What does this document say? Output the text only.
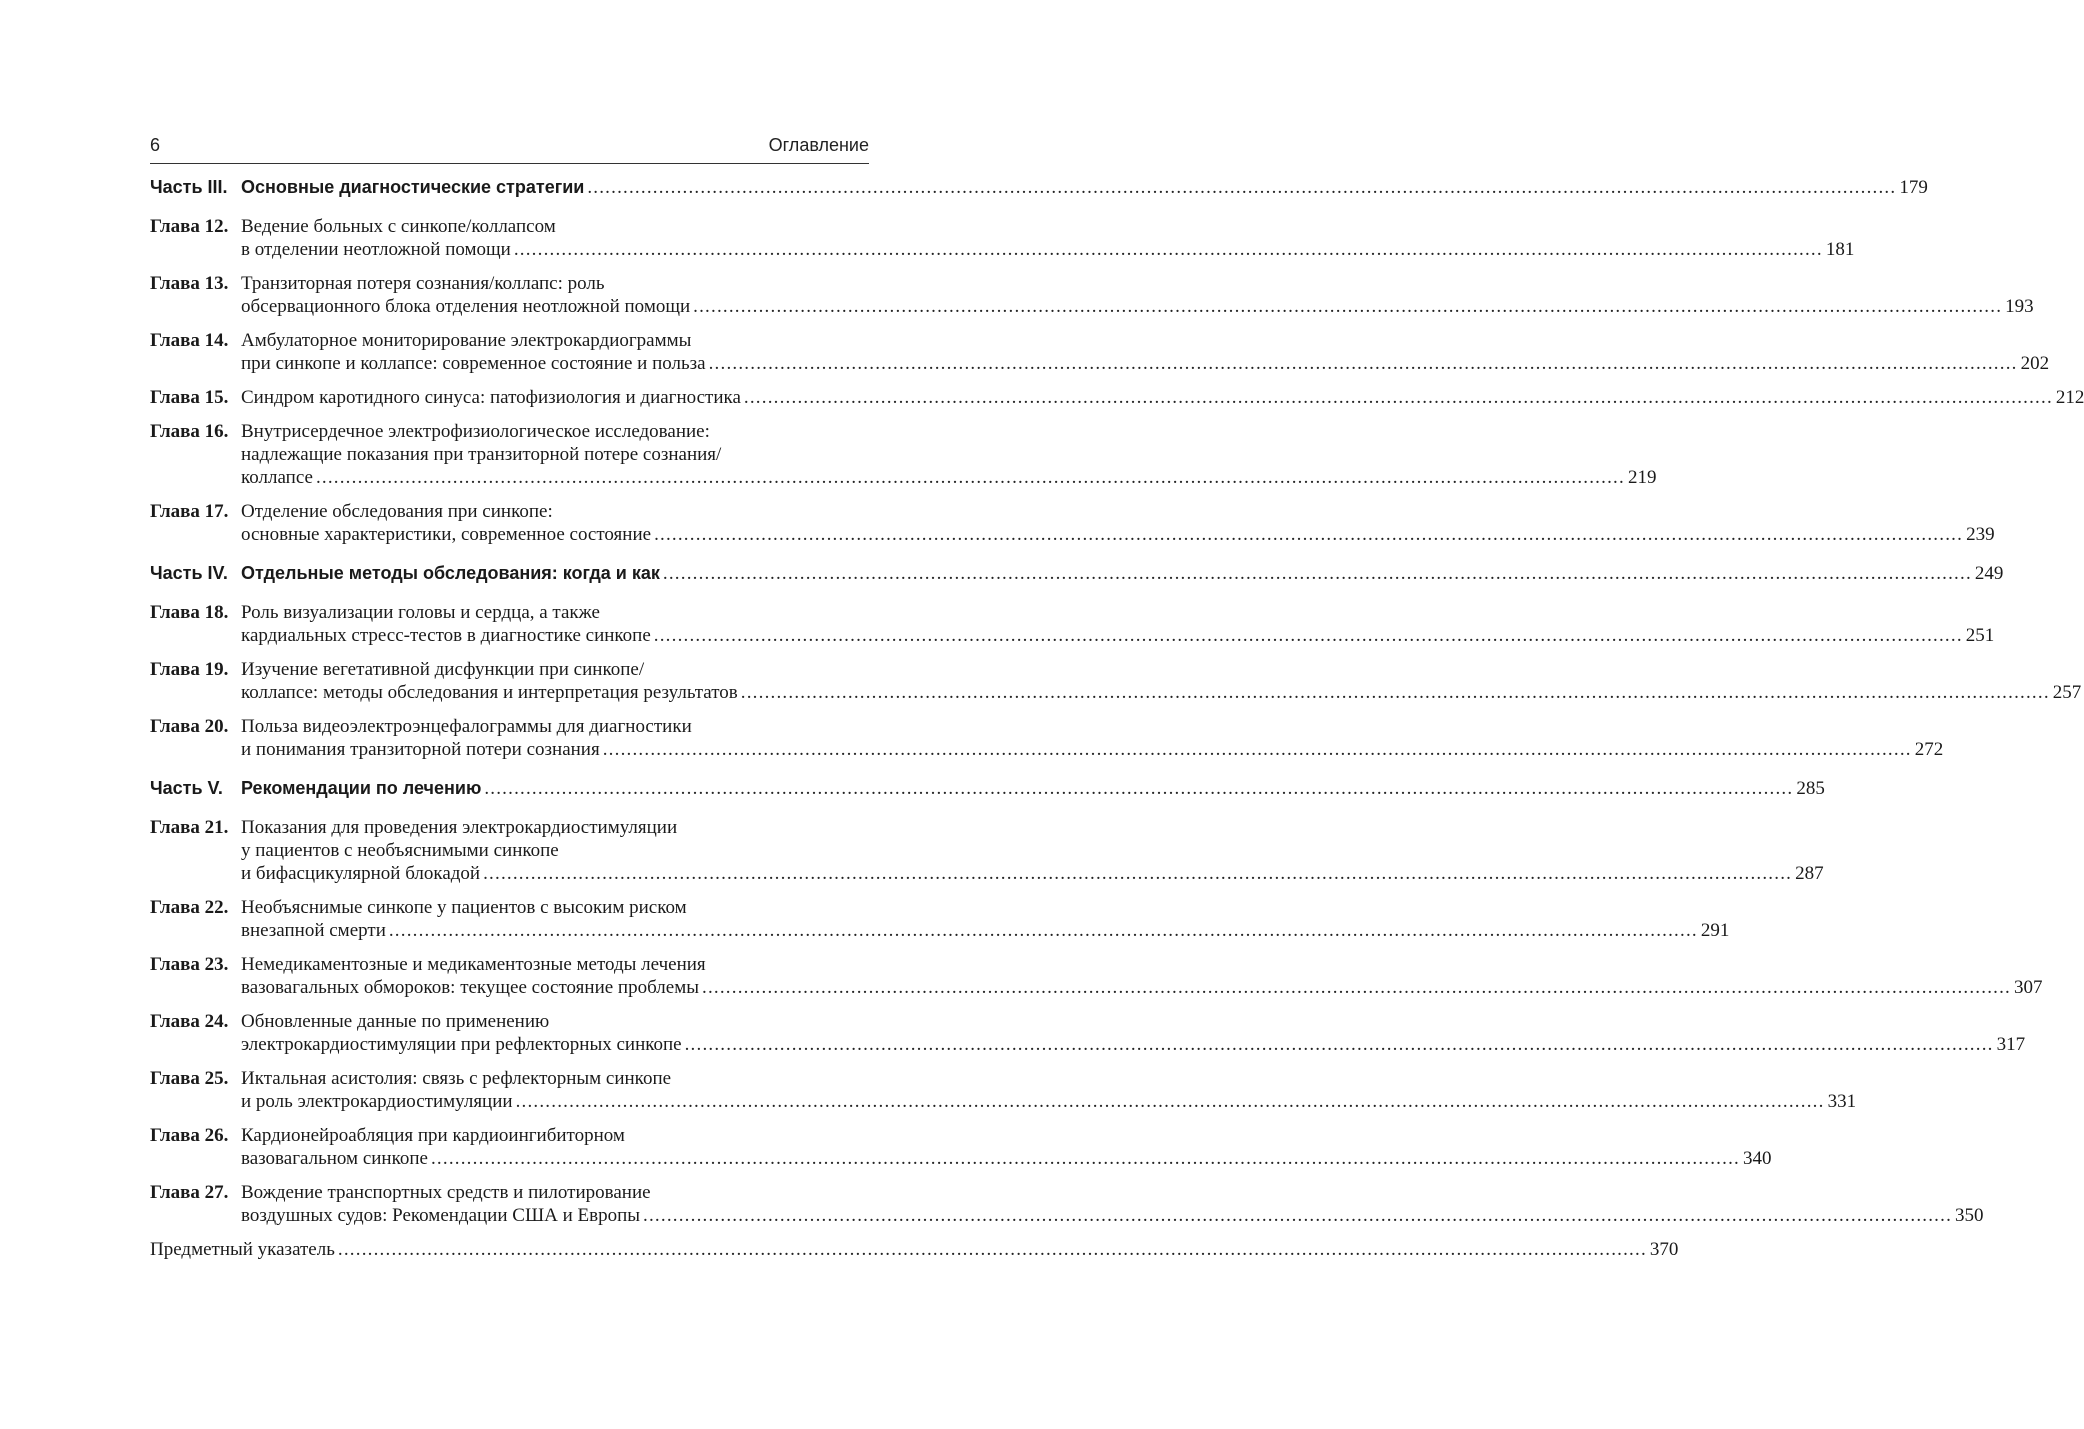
6	Оглавление
Часть III. Основные диагностические стратегии ............................................................................................................................................................................................................................ 179
Глава 12. Ведение больных с синкопе/коллапсом
в отделении неотложной помощи ............................................................................................................................................................................................................................ 181
Глава 13. Транзиторная потеря сознания/коллапс: роль
обсервационного блока отделения неотложной помощи ............................................................................................................................................................................................................................ 193
Глава 14. Амбулаторное мониторирование электрокардиограммы
при синкопе и коллапсе: современное состояние и польза ............................................................................................................................................................................................................................ 202
Глава 15. Синдром каротидного синуса: патофизиология и диагностика ............................................................................................................................................................................................................................ 212
Глава 16. Внутрисердечное электрофизиологическое исследование:
надлежащие показания при транзиторной потере сознания/
коллапсе ............................................................................................................................................................................................................................ 219
Глава 17. Отделение обследования при синкопе:
основные характеристики, современное состояние ............................................................................................................................................................................................................................ 239
Часть IV. Отдельные методы обследования: когда и как ............................................................................................................................................................................................................................ 249
Глава 18. Роль визуализации головы и сердца, а также
кардиальных стресс-тестов в диагностике синкопе ............................................................................................................................................................................................................................ 251
Глава 19. Изучение вегетативной дисфункции при синкопе/
коллапсе: методы обследования и интерпретация результатов ............................................................................................................................................................................................................................ 257
Глава 20. Польза видеоэлектроэнцефалограммы для диагностики
и понимания транзиторной потери сознания ............................................................................................................................................................................................................................ 272
Часть V. Рекомендации по лечению ............................................................................................................................................................................................................................ 285
Глава 21. Показания для проведения электрокардиостимуляции
у пациентов с необъяснимыми синкопе
и бифасцикулярной блокадой ............................................................................................................................................................................................................................ 287
Глава 22. Необъяснимые синкопе у пациентов с высоким риском
внезапной смерти ............................................................................................................................................................................................................................ 291
Глава 23. Немедикаментозные и медикаментозные методы лечения
вазовагальных обмороков: текущее состояние проблемы ............................................................................................................................................................................................................................ 307
Глава 24. Обновленные данные по применению
электрокардиостимуляции при рефлекторных синкопе ............................................................................................................................................................................................................................ 317
Глава 25. Иктальная асистолия: связь с рефлекторным синкопе
и роль электрокардиостимуляции ............................................................................................................................................................................................................................ 331
Глава 26. Кардионейроабляция при кардиоингибиторном
вазовагальном синкопе ............................................................................................................................................................................................................................ 340
Глава 27. Вождение транспортных средств и пилотирование
воздушных судов: Рекомендации США и Европы ............................................................................................................................................................................................................................ 350
Предметный указатель ............................................................................................................................................................................................................................ 370
